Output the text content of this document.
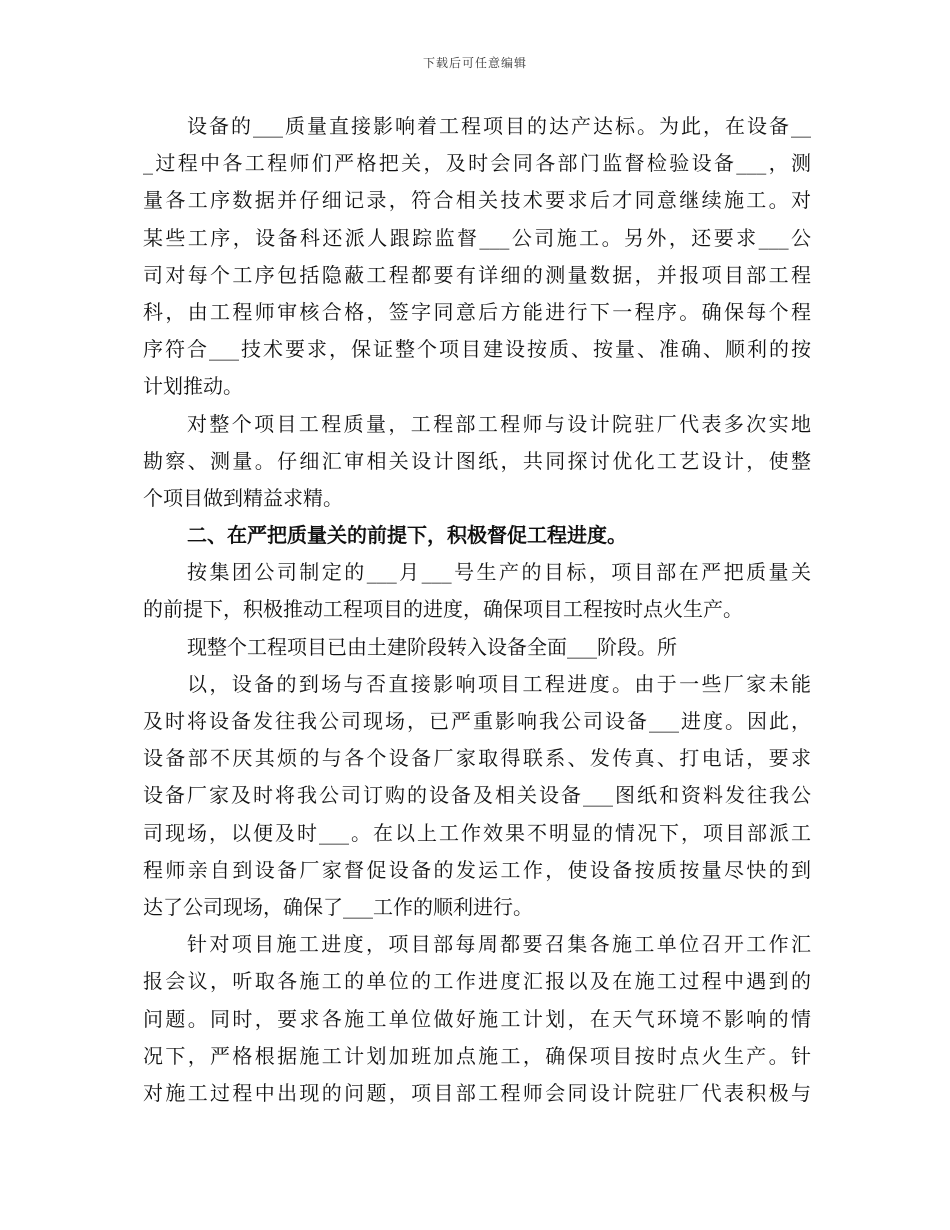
下载后可任意编辑
设备的___质量直接影响着工程项目的达产达标。为此，在设备__
_过程中各工程师们严格把关，及时会同各部门监督检验设备___，测
量各工序数据并仔细记录，符合相关技术要求后才同意继续施工。对
某些工序，设备科还派人跟踪监督___公司施工。另外，还要求___公
司对每个工序包括隐蔽工程都要有详细的测量数据，并报项目部工程
科，由工程师审核合格，签字同意后方能进行下一程序。确保每个程
序符合___技术要求，保证整个项目建设按质、按量、准确、顺利的按
计划推动。
对整个项目工程质量，工程部工程师与设计院驻厂代表多次实地
勘察、测量。仔细汇审相关设计图纸，共同探讨优化工艺设计，使整
个项目做到精益求精。
二、在严把质量关的前提下，积极督促工程进度。
按集团公司制定的___月___号生产的目标，项目部在严把质量关
的前提下，积极推动工程项目的进度，确保项目工程按时点火生产。
现整个工程项目已由土建阶段转入设备全面___阶段。所
以，设备的到场与否直接影响项目工程进度。由于一些厂家未能
及时将设备发往我公司现场，已严重影响我公司设备___进度。因此，
设备部不厌其烦的与各个设备厂家取得联系、发传真、打电话，要求
设备厂家及时将我公司订购的设备及相关设备___图纸和资料发往我公
司现场，以便及时___。在以上工作效果不明显的情况下，项目部派工
程师亲自到设备厂家督促设备的发运工作，使设备按质按量尽快的到
达了公司现场，确保了___工作的顺利进行。
针对项目施工进度，项目部每周都要召集各施工单位召开工作汇
报会议，听取各施工的单位的工作进度汇报以及在施工过程中遇到的
问题。同时，要求各施工单位做好施工计划，在天气环境不影响的情
况下，严格根据施工计划加班加点施工，确保项目按时点火生产。针
对施工过程中出现的问题，项目部工程师会同设计院驻厂代表积极与
